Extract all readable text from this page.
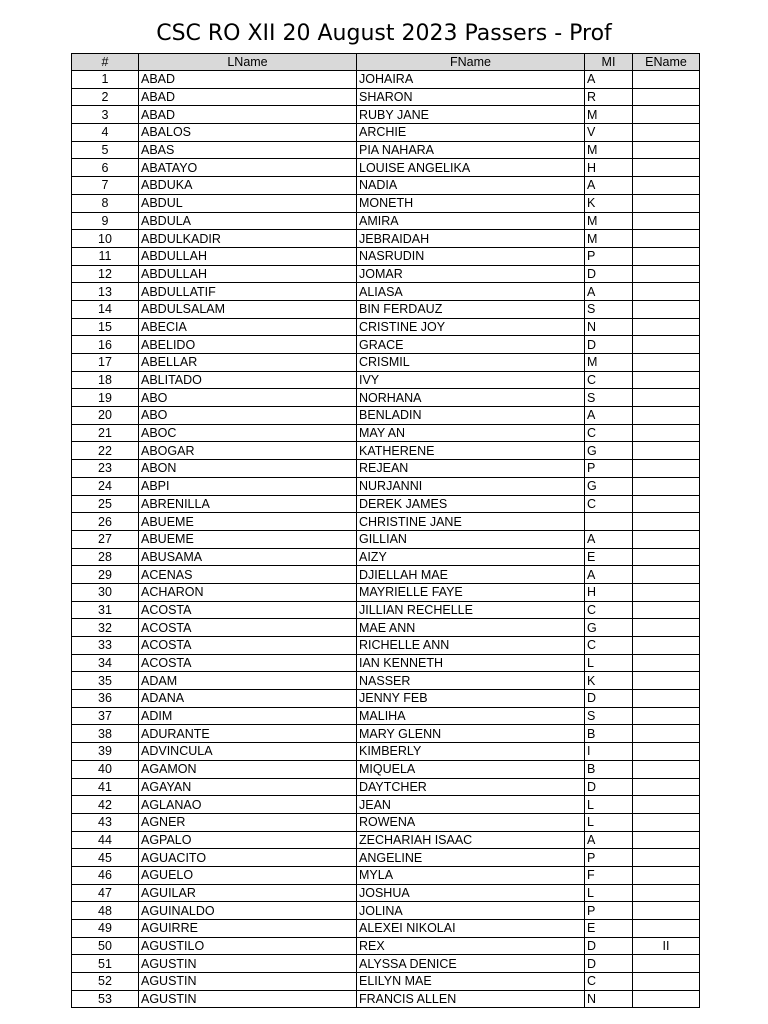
CSC RO XII 20 August 2023 Passers - Prof
#	LName	FName	MI	EName
1	ABAD	JOHAIRA	A	
2	ABAD	SHARON	R	
3	ABAD	RUBY JANE	M	
4	ABALOS	ARCHIE	V	
5	ABAS	PIA NAHARA	M	
6	ABATAYO	LOUISE ANGELIKA	H	
7	ABDUKA	NADIA	A	
8	ABDUL	MONETH	K	
9	ABDULA	AMIRA	M	
10	ABDULKADIR	JEBRAIDAH	M	
11	ABDULLAH	NASRUDIN	P	
12	ABDULLAH	JOMAR	D	
13	ABDULLATIF	ALIASA	A	
14	ABDULSALAM	BIN FERDAUZ	S	
15	ABECIA	CRISTINE JOY	N	
16	ABELIDO	GRACE	D	
17	ABELLAR	CRISMIL	M	
18	ABLITADO	IVY	C	
19	ABO	NORHANA	S	
20	ABO	BENLADIN	A	
21	ABOC	MAY AN	C	
22	ABOGAR	KATHERENE	G	
23	ABON	REJEAN	P	
24	ABPI	NURJANNI	G	
25	ABRENILLA	DEREK JAMES	C	
26	ABUEME	CHRISTINE JANE		
27	ABUEME	GILLIAN	A	
28	ABUSAMA	AIZY	E	
29	ACENAS	DJIELLAH MAE	A	
30	ACHARON	MAYRIELLE FAYE	H	
31	ACOSTA	JILLIAN RECHELLE	C	
32	ACOSTA	MAE ANN	G	
33	ACOSTA	RICHELLE ANN	C	
34	ACOSTA	IAN KENNETH	L	
35	ADAM	NASSER	K	
36	ADANA	JENNY FEB	D	
37	ADIM	MALIHA	S	
38	ADURANTE	MARY GLENN	B	
39	ADVINCULA	KIMBERLY	I	
40	AGAMON	MIQUELA	B	
41	AGAYAN	DAYTCHER	D	
42	AGLANAO	JEAN	L	
43	AGNER	ROWENA	L	
44	AGPALO	ZECHARIAH ISAAC	A	
45	AGUACITO	ANGELINE	P	
46	AGUELO	MYLA	F	
47	AGUILAR	JOSHUA	L	
48	AGUINALDO	JOLINA	P	
49	AGUIRRE	ALEXEI NIKOLAI	E	
50	AGUSTILO	REX	D	II
51	AGUSTIN	ALYSSA DENICE	D	
52	AGUSTIN	ELILYN MAE	C	
53	AGUSTIN	FRANCIS ALLEN	N	
